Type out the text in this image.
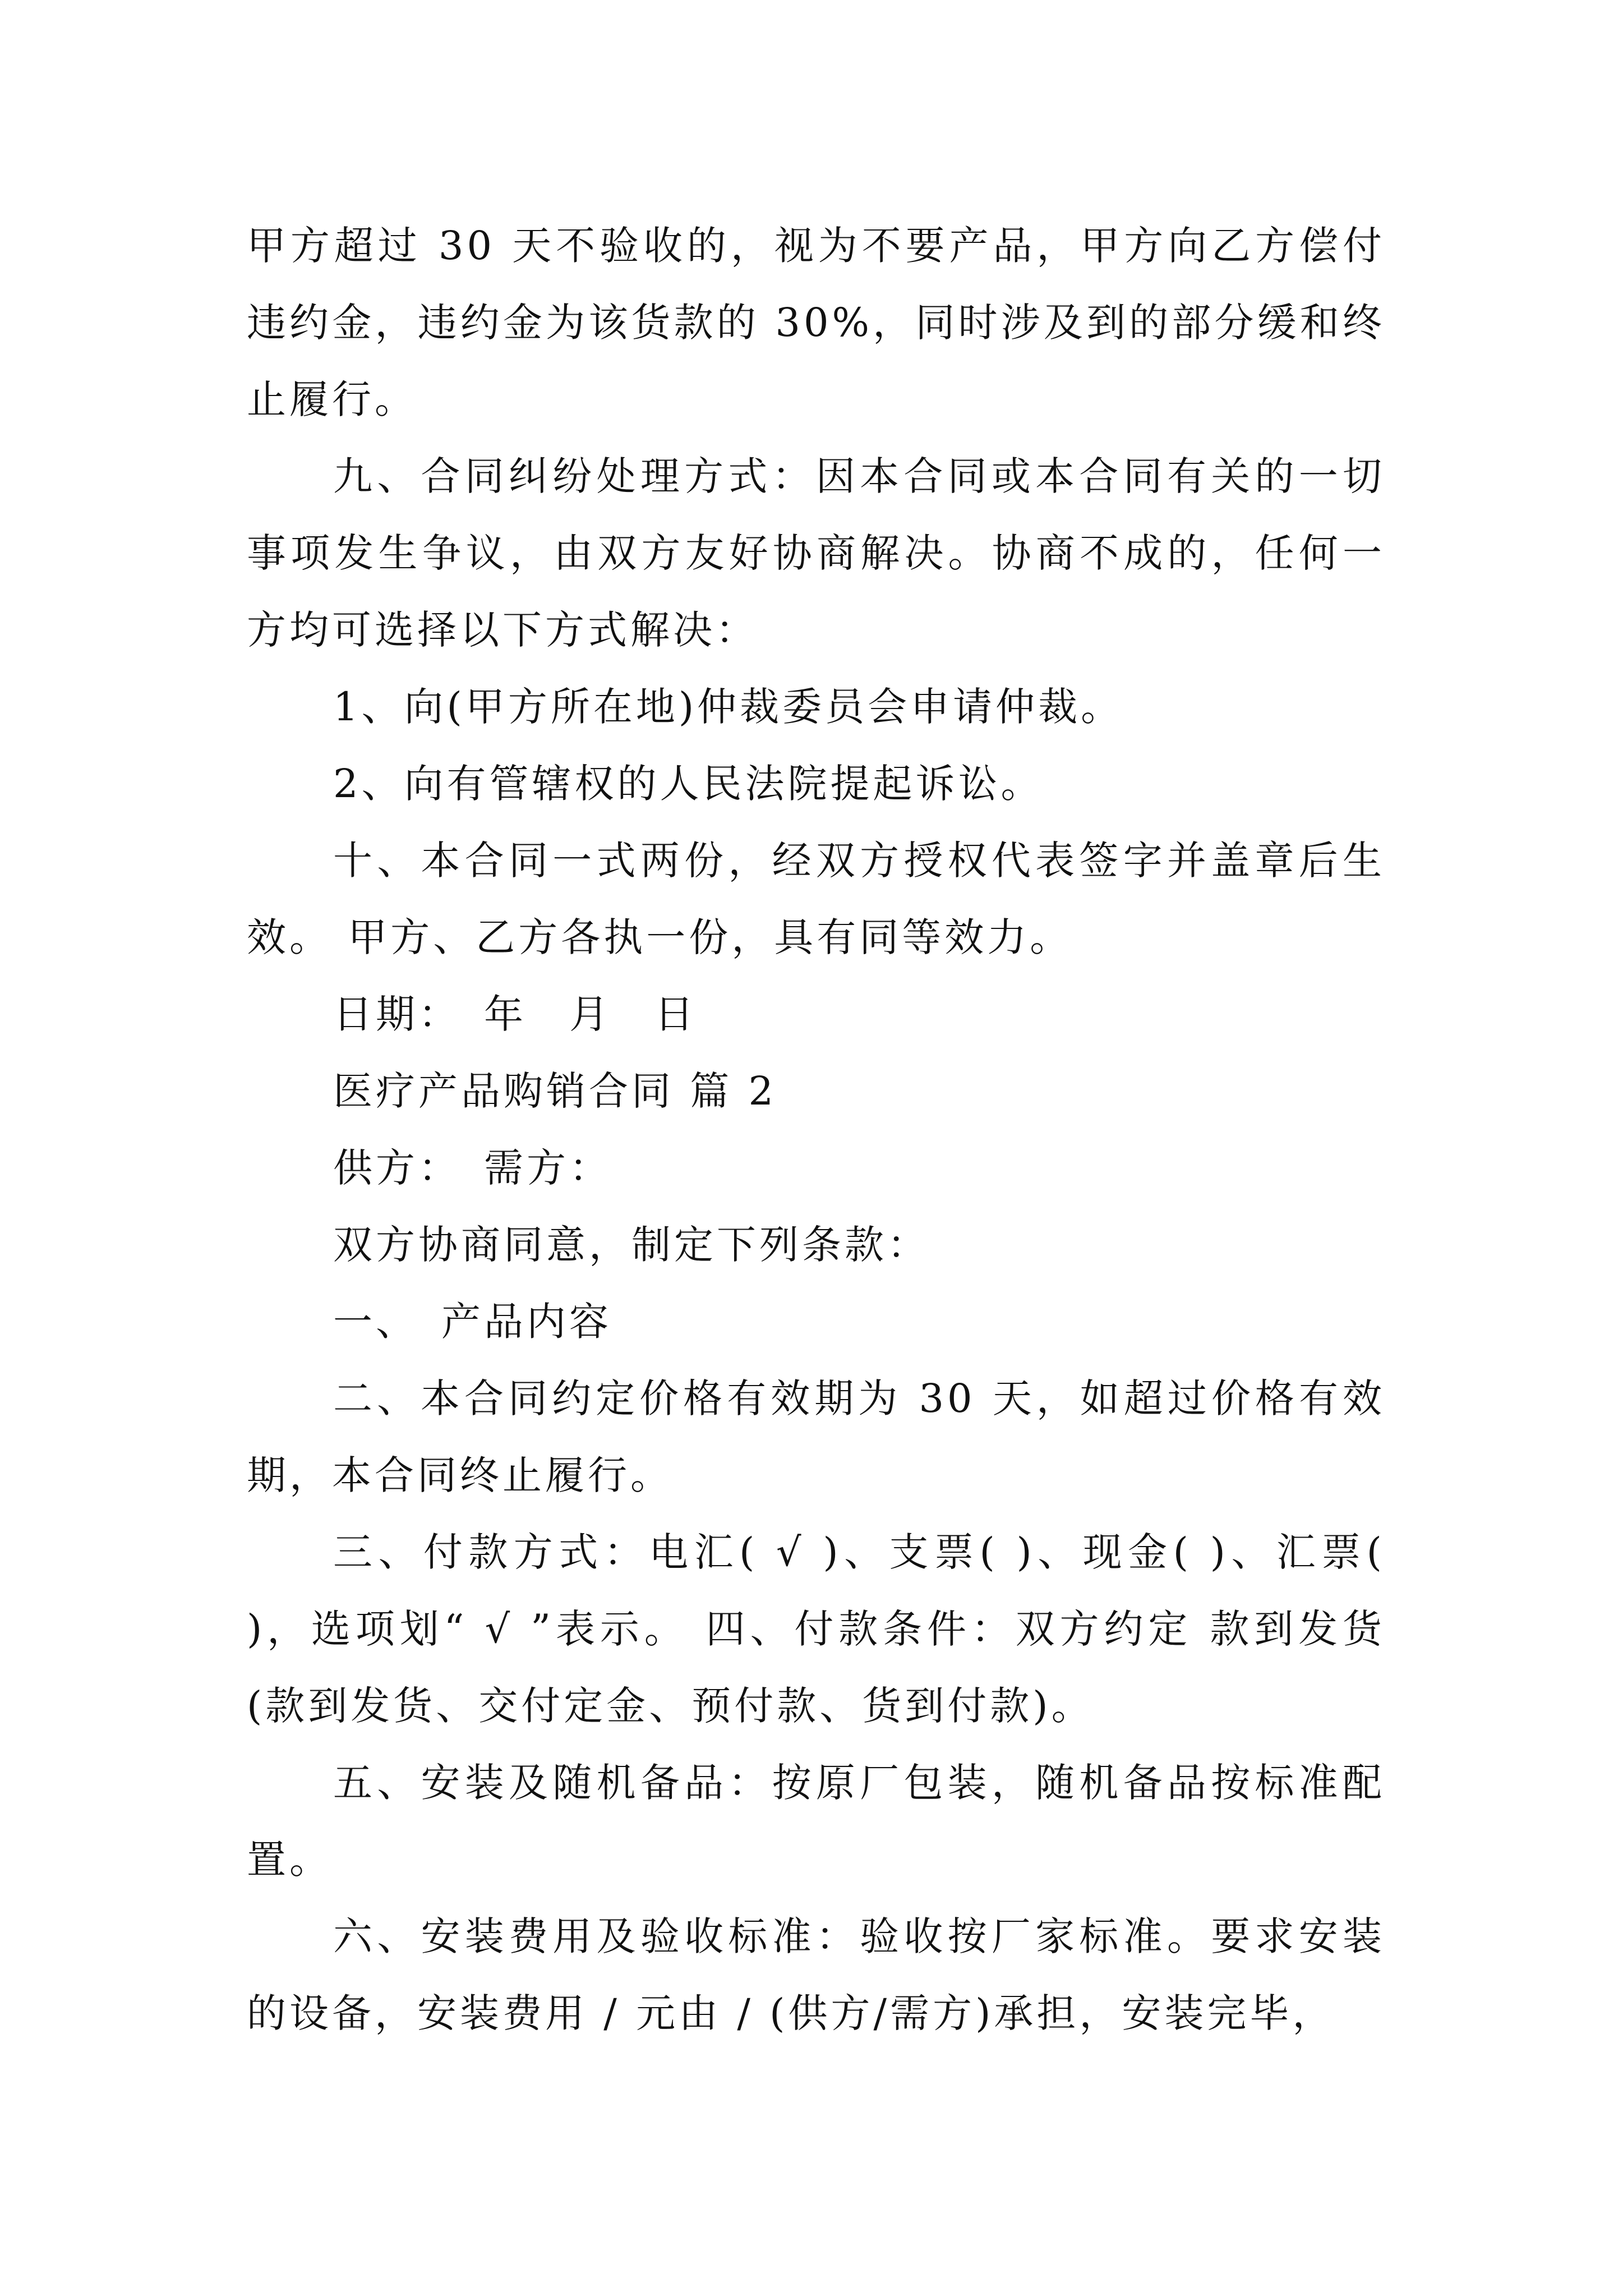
甲方超过 30 天不验收的，视为不要产品，甲方向乙方偿付违约金，违约金为该货款的 30%，同时涉及到的部分缓和终止履行。

九、合同纠纷处理方式：因本合同或本合同有关的一切事项发生争议，由双方友好协商解决。协商不成的，任何一方均可选择以下方式解决：

1、向(甲方所在地)仲裁委员会申请仲裁。

2、向有管辖权的人民法院提起诉讼。

十、本合同一式两份，经双方授权代表签字并盖章后生效。 甲方、乙方各执一份，具有同等效力。

日期：　年　月　日

医疗产品购销合同 篇 2

供方：　需方：

双方协商同意，制定下列条款：

一、　产品内容

二、本合同约定价格有效期为 30 天，如超过价格有效期，本合同终止履行。

三、付款方式：电汇( √ )、支票( )、现金( )、汇票( )，选项划“ √ ”表示。 四、付款条件：双方约定 款到发货(款到发货、交付定金、预付款、货到付款)。

五、安装及随机备品：按原厂包装，随机备品按标准配置。

六、安装费用及验收标准：验收按厂家标准。要求安装的设备，安装费用 / 元由 / (供方/需方)承担，安装完毕，
